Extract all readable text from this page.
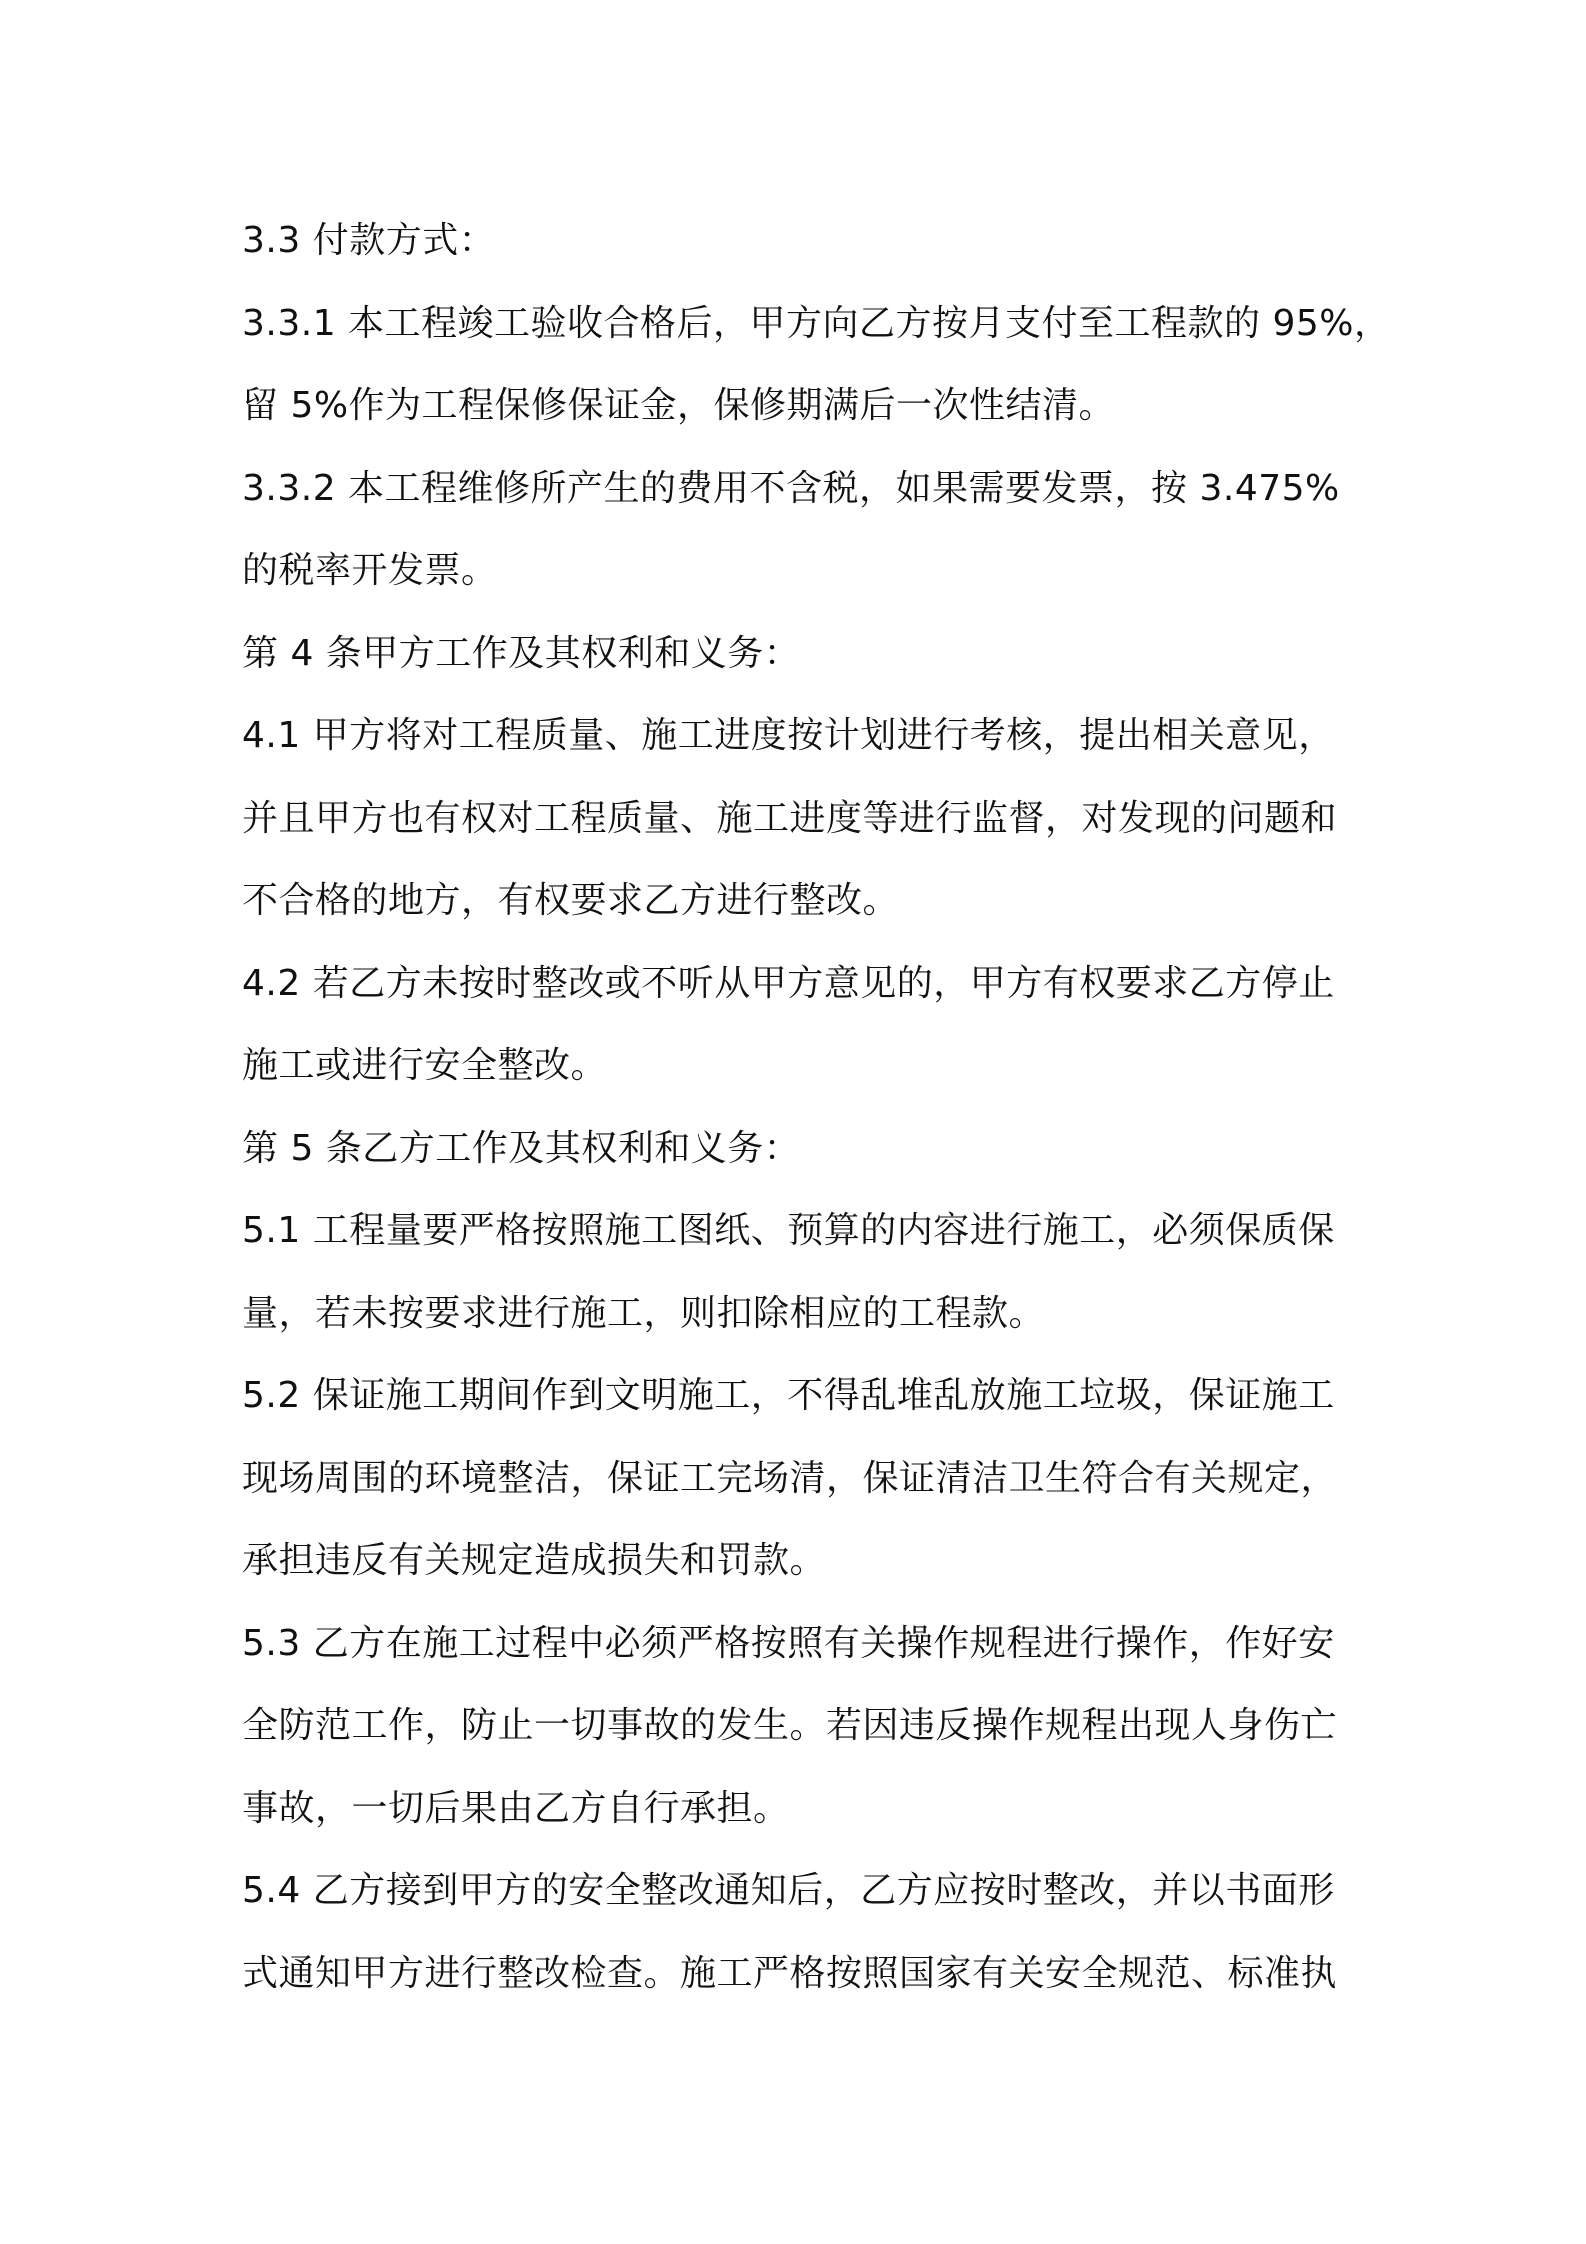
3.3 付款方式：

3.3.1 本工程竣工验收合格后，甲方向乙方按月支付至工程款的 95%，
留 5%作为工程保修保证金，保修期满后一次性结清。

3.3.2 本工程维修所产生的费用不含税，如果需要发票，按 3.475%
的税率开发票。

第 4 条甲方工作及其权利和义务：

4.1 甲方将对工程质量、施工进度按计划进行考核，提出相关意见，
并且甲方也有权对工程质量、施工进度等进行监督，对发现的问题和
不合格的地方，有权要求乙方进行整改。

4.2 若乙方未按时整改或不听从甲方意见的，甲方有权要求乙方停止
施工或进行安全整改。

第 5 条乙方工作及其权利和义务：

5.1 工程量要严格按照施工图纸、预算的内容进行施工，必须保质保
量，若未按要求进行施工，则扣除相应的工程款。

5.2 保证施工期间作到文明施工，不得乱堆乱放施工垃圾，保证施工
现场周围的环境整洁，保证工完场清，保证清洁卫生符合有关规定，
承担违反有关规定造成损失和罚款。

5.3 乙方在施工过程中必须严格按照有关操作规程进行操作，作好安
全防范工作，防止一切事故的发生。若因违反操作规程出现人身伤亡
事故，一切后果由乙方自行承担。

5.4 乙方接到甲方的安全整改通知后，乙方应按时整改，并以书面形
式通知甲方进行整改检查。施工严格按照国家有关安全规范、标准执
